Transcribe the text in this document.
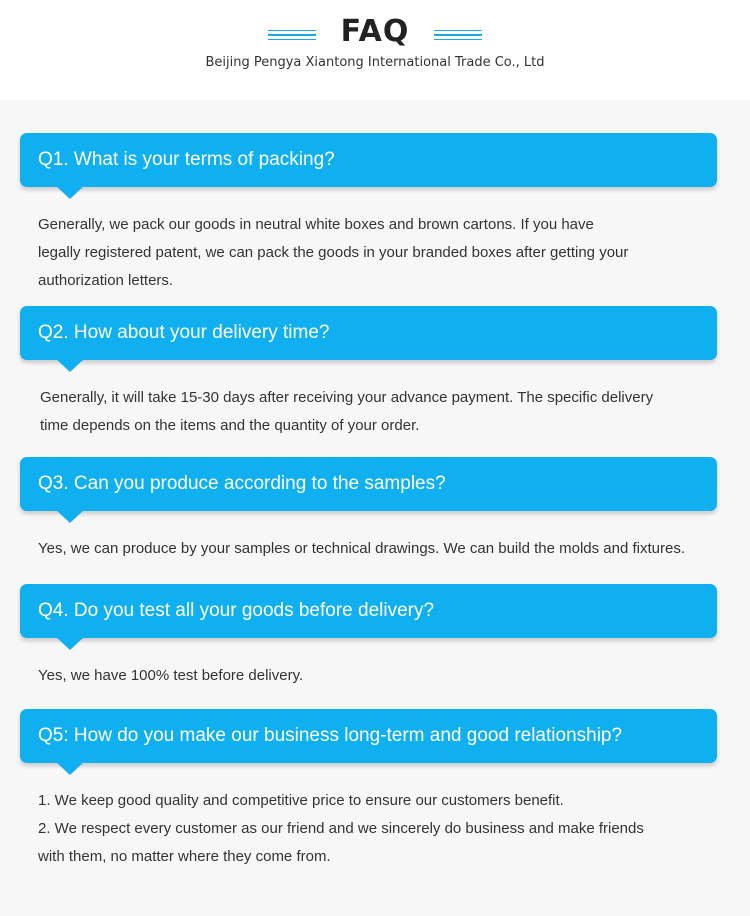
FAQ
Beijing Pengya Xiantong International Trade Co., Ltd
Q1. What is your terms of packing?

Generally, we pack our goods in neutral white boxes and brown cartons. If you have

legally registered patent, we can pack the goods in your branded boxes after getting your

authorization letters.

Q2. How about your delivery time?

Generally, it will take 15-30 days after receiving your advance payment. The specific delivery

time depends on the items and the quantity of your order.

Q3. Can you produce according to the samples?

Yes, we can produce by your samples or technical drawings. We can build the molds and fixtures.

Q4. Do you test all your goods before delivery?

Yes, we have 100% test before delivery.

Q5: How do you make our business long-term and good relationship?

1. We keep good quality and competitive price to ensure our customers benefit.

2. We respect every customer as our friend and we sincerely do business and make friends

with them, no matter where they come from.
